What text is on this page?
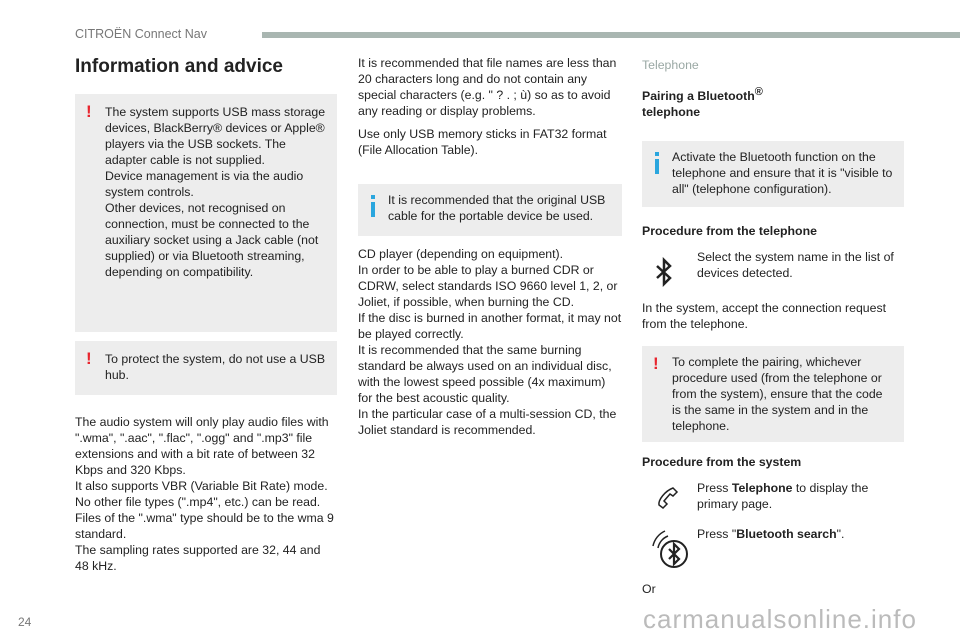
CITROËN Connect Nav
Information and advice
! The system supports USB mass storage devices, BlackBerry® devices or Apple® players via the USB sockets. The adapter cable is not supplied.
Device management is via the audio system controls.
Other devices, not recognised on connection, must be connected to the auxiliary socket using a Jack cable (not supplied) or via Bluetooth streaming, depending on compatibility.
! To protect the system, do not use a USB hub.
The audio system will only play audio files with ".wma", ".aac", ".flac", ".ogg" and ".mp3" file extensions and with a bit rate of between 32 Kbps and 320 Kbps.
It also supports VBR (Variable Bit Rate) mode.
No other file types (".mp4", etc.) can be read.
Files of the ".wma" type should be to the wma 9 standard.
The sampling rates supported are 32, 44 and 48 kHz.

It is recommended that file names are less than 20 characters long and do not contain any special characters (e.g. " ? . ; ù) so as to avoid any reading or display problems.

Use only USB memory sticks in FAT32 format (File Allocation Table).

It is recommended that the original USB cable for the portable device be used.
CD player (depending on equipment).
In order to be able to play a burned CDR or CDRW, select standards ISO 9660 level 1, 2, or Joliet, if possible, when burning the CD.
If the disc is burned in another format, it may not be played correctly.
It is recommended that the same burning standard be always used on an individual disc, with the lowest speed possible (4x maximum) for the best acoustic quality.
In the particular case of a multi-session CD, the Joliet standard is recommended.
Telephone
Pairing a Bluetooth®
telephone
Activate the Bluetooth function on the telephone and ensure that it is "visible to all" (telephone configuration).
Procedure from the telephone
Select the system name in the list of devices detected.
In the system, accept the connection request from the telephone.
! To complete the pairing, whichever procedure used (from the telephone or from the system), ensure that the code is the same in the system and in the telephone.
Procedure from the system
Press Telephone to display the primary page.
Press "Bluetooth search".
Or
24	carmanualsonline.info
